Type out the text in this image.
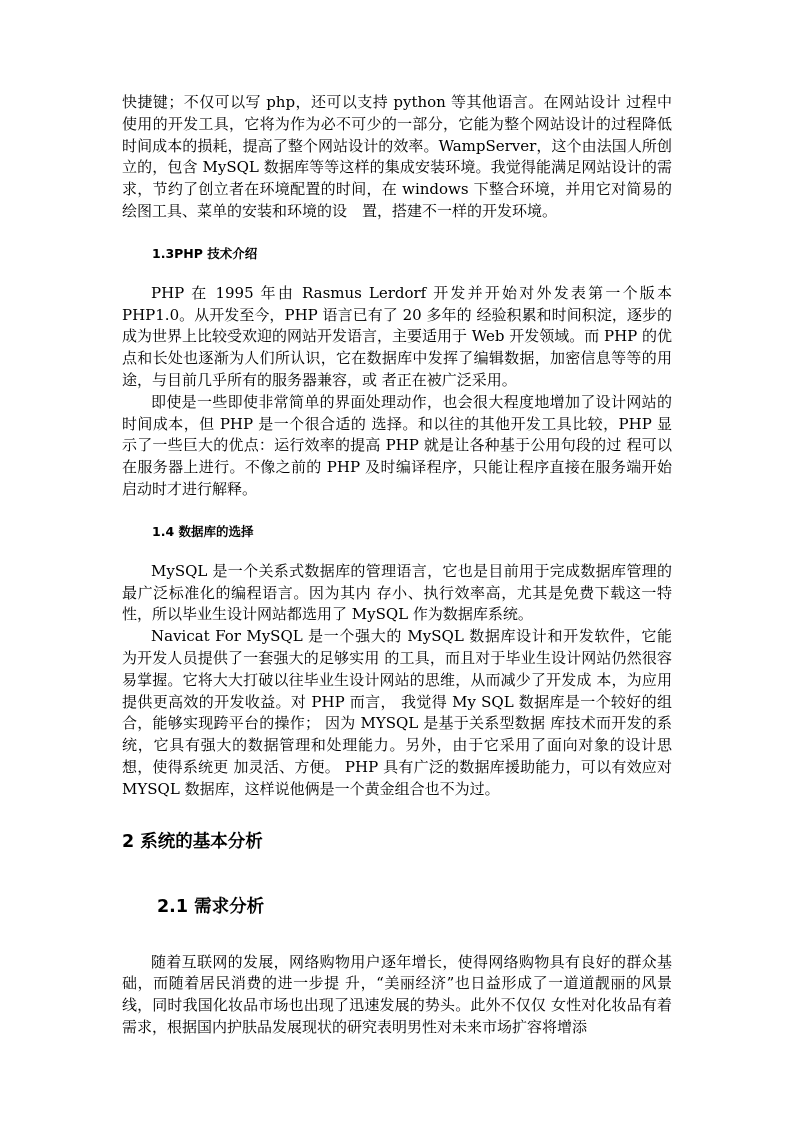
快捷键；不仅可以写 php，还可以支持 python 等其他语言。在网站设计 过程中使用的开发工具，它将为作为必不可少的一部分，它能为整个网站设计的过程降低时间成本的损耗，提高了整个网站设计的效率。WampServer，这个由法国人所创立的，包含 MySQL 数据库等等这样的集成安装环境。我觉得能满足网站设计的需 求，节约了创立者在环境配置的时间，在 windows 下整合环境，并用它对简易的绘图工具、菜单的安装和环境的设　置，搭建不一样的开发环境。

1.3PHP 技术介绍

PHP 在 1995 年由 Rasmus Lerdorf 开发并开始对外发表第一个版本 PHP1.0。从开发至今，PHP 语言已有了 20 多年的 经验积累和时间积淀，逐步的成为世界上比较受欢迎的网站开发语言，主要适用于 Web 开发领域。而 PHP 的优点和长处也逐渐为人们所认识，它在数据库中发挥了编辑数据，加密信息等等的用途，与目前几乎所有的服务器兼容，或 者正在被广泛采用。

即使是一些即使非常简单的界面处理动作，也会很大程度地增加了设计网站的时间成本，但 PHP 是一个很合适的 选择。和以往的其他开发工具比较，PHP 显示了一些巨大的优点：运行效率的提高 PHP 就是让各种基于公用句段的过 程可以在服务器上进行。不像之前的 PHP 及时编译程序，只能让程序直接在服务端开始启动时才进行解释。

1.4 数据库的选择

MySQL 是一个关系式数据库的管理语言，它也是目前用于完成数据库管理的最广泛标准化的编程语言。因为其内 存小、执行效率高，尤其是免费下载这一特性，所以毕业生设计网站都选用了 MySQL 作为数据库系统。

Navicat For MySQL 是一个强大的 MySQL 数据库设计和开发软件，它能为开发人员提供了一套强大的足够实用 的工具，而且对于毕业生设计网站仍然很容易掌握。它将大大打破以往毕业生设计网站的思维，从而减少了开发成 本，为应用提供更高效的开发收益。对 PHP 而言， 我觉得 My SQL 数据库是一个较好的组合，能够实现跨平台的操作； 因为 MYSQL 是基于关系型数据 库技术而开发的系统，它具有强大的数据管理和处理能力。另外，由于它采用了面向对象的设计思想，使得系统更 加灵活、方便。 PHP 具有广泛的数据库援助能力，可以有效应对 MYSQL 数据库，这样说他俩是一个黄金组合也不为过。

2 系统的基本分析
2.1 需求分析

随着互联网的发展，网络购物用户逐年增长，使得网络购物具有良好的群众基础，而随着居民消费的进一步提 升，“美丽经济”也日益形成了一道道靓丽的风景线，同时我国化妆品市场也出现了迅速发展的势头。此外不仅仅 女性对化妆品有着需求，根据国内护肤品发展现状的研究表明男性对未来市场扩容将增添
